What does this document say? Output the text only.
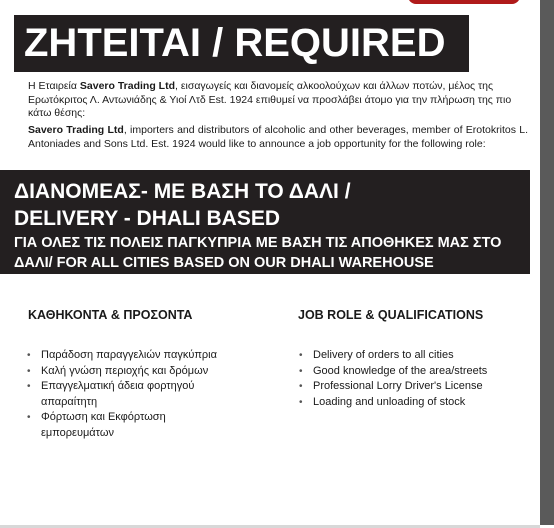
ΖΗΤΕΙΤΑΙ / REQUIRED
Η Εταιρεία Savero Trading Ltd, εισαγωγείς και διανομείς αλκοολούχων και άλλων ποτών, μέλος της Ερωτόκριτος Λ. Αντωνιάδης & Υιοί Λτδ Est. 1924 επιθυμεί να προσλάβει άτομο για την πλήρωση της πιο κάτω θέσης:
Savero Trading Ltd, importers and distributors of alcoholic and other beverages, member of Erotokritos L. Antoniades and Sons Ltd. Est. 1924 would like to announce a job opportunity for the following role:
ΔΙΑΝΟΜΕΑΣ- ΜΕ ΒΑΣΗ ΤΟ ΔΑΛΙ /
DELIVERY - DHALI BASED
ΓΙΑ ΟΛΕΣ ΤΙΣ ΠΟΛΕΙΣ ΠΑΓΚΥΠΡΙΑ ΜΕ ΒΑΣΗ ΤΙΣ ΑΠΟΘΗΚΕΣ ΜΑΣ ΣΤΟ
ΔΑΛΙ/ FOR ALL CITIES BASED ON OUR DHALI WAREHOUSE
ΚΑΘΗΚΟΝΤΑ & ΠΡΟΣΟΝΤΑ	JOB ROLE & QUALIFICATIONS
• Παράδοση παραγγελιών παγκύπρια
• Καλή γνώση περιοχής και δρόμων
• Επαγγελματική άδεια φορτηγού απαραίτητη
• Φόρτωση και Εκφόρτωση εμπορευμάτων
• Delivery of orders to all cities
• Good knowledge of the area/streets
• Professional Lorry Driver's License
• Loading and unloading of stock
